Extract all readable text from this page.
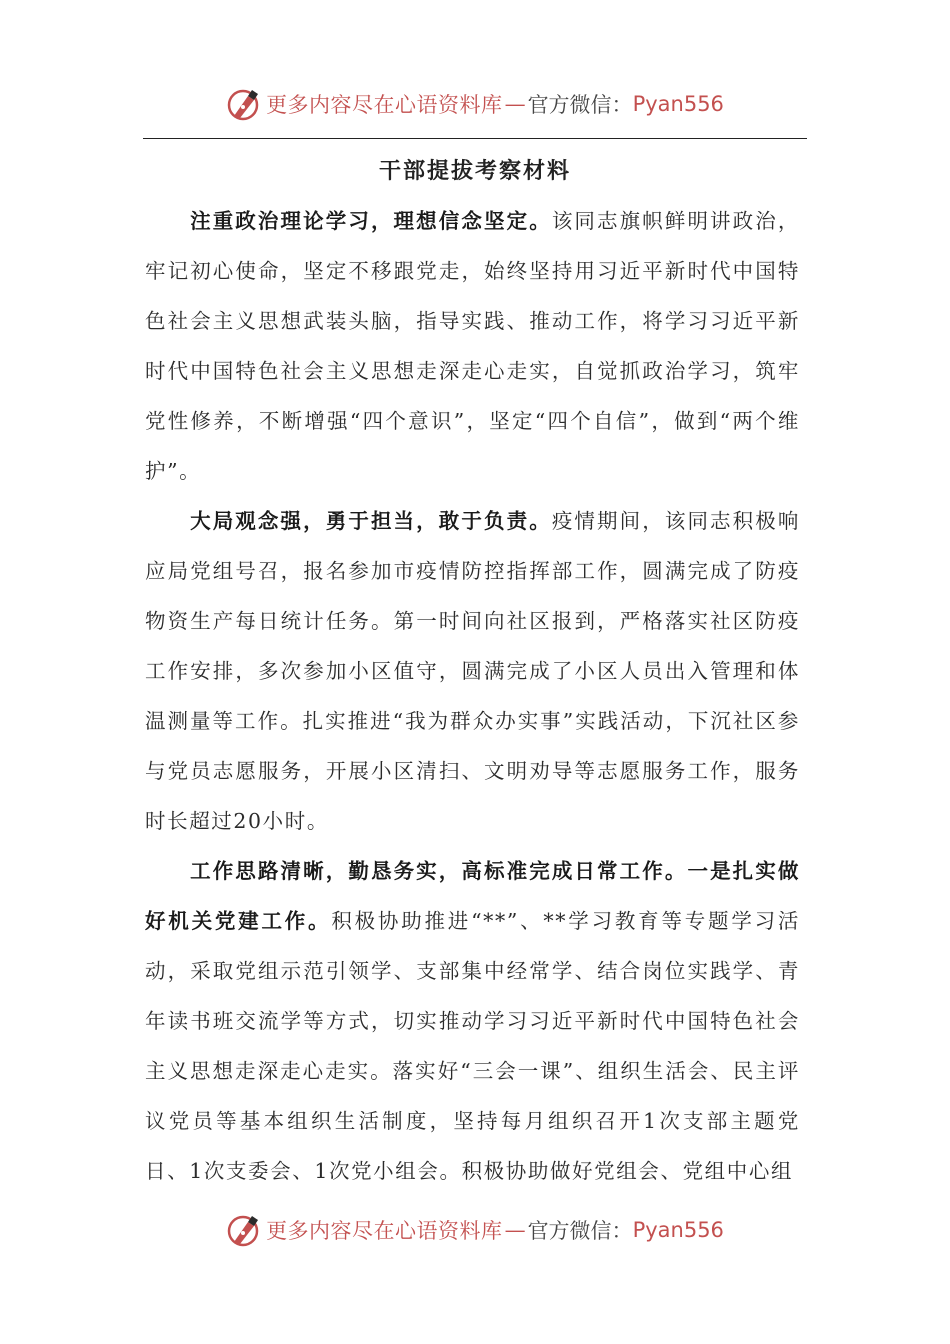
更多内容尽在心语资料库 — 官方微信： Pyan556
干部提拔考察材料

注重政治理论学习，理想信念坚定。该同志旗帜鲜明讲政治，牢记初心使命，坚定不移跟党走，始终坚持用习近平新时代中国特色社会主义思想武装头脑，指导实践、推动工作，将学习习近平新时代中国特色社会主义思想走深走心走实，自觉抓政治学习，筑牢党性修养，不断增强“四个意识”，坚定“四个自信”，做到“两个维护”。

大局观念强，勇于担当，敢于负责。疫情期间，该同志积极响应局党组号召，报名参加市疫情防控指挥部工作，圆满完成了防疫物资生产每日统计任务。第一时间向社区报到，严格落实社区防疫工作安排，多次参加小区值守，圆满完成了小区人员出入管理和体温测量等工作。扎实推进“我为群众办实事”实践活动，下沉社区参与党员志愿服务，开展小区清扫、文明劝导等志愿服务工作，服务时长超过20小时。

工作思路清晰，勤恳务实，高标准完成日常工作。一是扎实做好机关党建工作。积极协助推进“**”、**学习教育等专题学习活动，采取党组示范引领学、支部集中经常学、结合岗位实践学、青年读书班交流学等方式，切实推动学习习近平新时代中国特色社会主义思想走深走心走实。落实好“三会一课”、组织生活会、民主评议党员等基本组织生活制度，坚持每月组织召开1次支部主题党日、1次支委会、1次党小组会。积极协助做好党组会、党组中心组

更多内容尽在心语资料库 — 官方微信： Pyan556
